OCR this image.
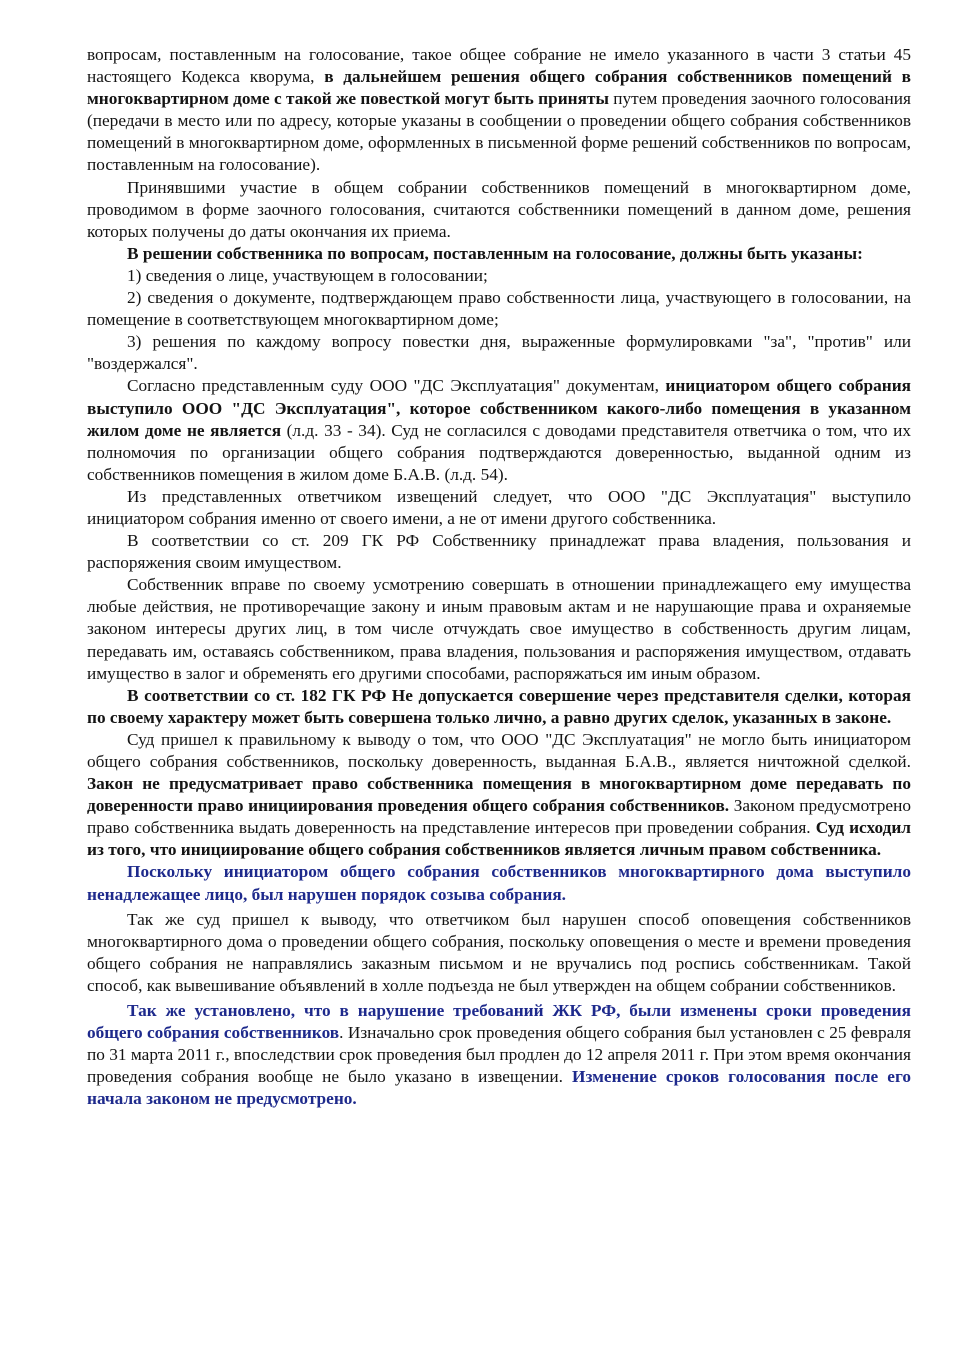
вопросам, поставленным на голосование, такое общее собрание не имело указанного в части 3 статьи 45 настоящего Кодекса кворума, в дальнейшем решения общего собрания собственников помещений в многоквартирном доме с такой же повесткой могут быть приняты путем проведения заочного голосования (передачи в место или по адресу, которые указаны в сообщении о проведении общего собрания собственников помещений в многоквартирном доме, оформленных в письменной форме решений собственников по вопросам, поставленным на голосование).

Принявшими участие в общем собрании собственников помещений в многоквартирном доме, проводимом в форме заочного голосования, считаются собственники помещений в данном доме, решения которых получены до даты окончания их приема.

В решении собственника по вопросам, поставленным на голосование, должны быть указаны:

1) сведения о лице, участвующем в голосовании;

2) сведения о документе, подтверждающем право собственности лица, участвующего в голосовании, на помещение в соответствующем многоквартирном доме;

3) решения по каждому вопросу повестки дня, выраженные формулировками "за", "против" или "воздержался".

Согласно представленным суду ООО "ДС Эксплуатация" документам, инициатором общего собрания выступило ООО "ДС Эксплуатация", которое собственником какого-либо помещения в указанном жилом доме не является (л.д. 33 - 34). Суд не согласился с доводами представителя ответчика о том, что их полномочия по организации общего собрания подтверждаются доверенностью, выданной одним из собственников помещения в жилом доме Б.А.В. (л.д. 54).

Из представленных ответчиком извещений следует, что ООО "ДС Эксплуатация" выступило инициатором собрания именно от своего имени, а не от имени другого собственника.

В соответствии со ст. 209 ГК РФ Собственнику принадлежат права владения, пользования и распоряжения своим имуществом.

Собственник вправе по своему усмотрению совершать в отношении принадлежащего ему имущества любые действия, не противоречащие закону и иным правовым актам и не нарушающие права и охраняемые законом интересы других лиц, в том числе отчуждать свое имущество в собственность другим лицам, передавать им, оставаясь собственником, права владения, пользования и распоряжения имуществом, отдавать имущество в залог и обременять его другими способами, распоряжаться им иным образом.

В соответствии со ст. 182 ГК РФ Не допускается совершение через представителя сделки, которая по своему характеру может быть совершена только лично, а равно других сделок, указанных в законе.

Суд пришел к правильному к выводу о том, что ООО "ДС Эксплуатация" не могло быть инициатором общего собрания собственников, поскольку доверенность, выданная Б.А.В., является ничтожной сделкой. Закон не предусматривает право собственника помещения в многоквартирном доме передавать по доверенности право инициирования проведения общего собрания собственников. Законом предусмотрено право собственника выдать доверенность на представление интересов при проведении собрания. Суд исходил из того, что инициирование общего собрания собственников является личным правом собственника.

Поскольку инициатором общего собрания собственников многоквартирного дома выступило ненадлежащее лицо, был нарушен порядок созыва собрания.

Так же суд пришел к выводу, что ответчиком был нарушен способ оповещения собственников многоквартирного дома о проведении общего собрания, поскольку оповещения о месте и времени проведения общего собрания не направлялись заказным письмом и не вручались под роспись собственникам. Такой способ, как вывешивание объявлений в холле подъезда не был утвержден на общем собрании собственников.

Так же установлено, что в нарушение требований ЖК РФ, были изменены сроки проведения общего собрания собственников. Изначально срок проведения общего собрания был установлен с 25 февраля по 31 марта 2011 г., впоследствии срок проведения был продлен до 12 апреля 2011 г. При этом время окончания проведения собрания вообще не было указано в извещении. Изменение сроков голосования после его начала законом не предусмотрено.
